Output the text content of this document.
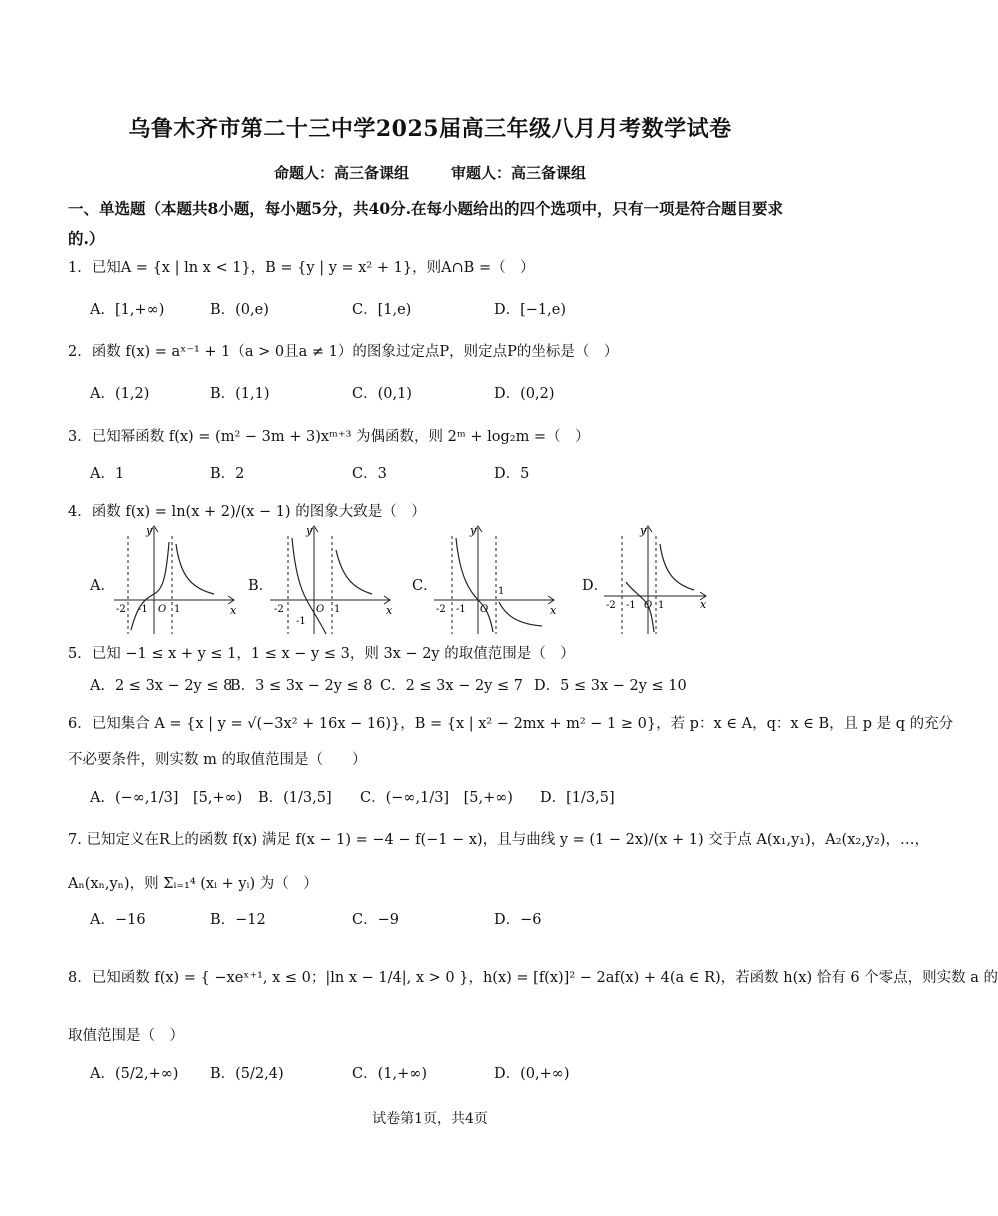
乌鲁木齐市第二十三中学2025届高三年级八月月考数学试卷
命题人：高三备课组	审题人：高三备课组
一、单选题（本题共8小题，每小题5分，共40分.在每小题给出的四个选项中，只有一项是符合题目要求的.）
1．已知A = {x | ln x < 1}，B = {y | y = x² + 1}，则A∩B =（　）
A．[1,+∞)	B．(0,e)	C．[1,e)	D．[−1,e)
2．函数 f(x) = aˣ⁻¹ + 1（a > 0且a ≠ 1）的图象过定点P，则定点P的坐标是（　）
A．(1,2)	B．(1,1)	C．(0,1)	D．(0,2)
3．已知幂函数 f(x) = (m² − 3m + 3)xᵐ⁺³ 为偶函数，则 2ᵐ + log₂m =（　）
A．1	B．2	C．3	D．5
4．函数 f(x) = ln(x + 2)/(x − 1) 的图象大致是（　）
A．
y
x
-2 -1 O 1
B．
y
x
-2
-1
O 1
C．
y
x
-2 -1 O
1	D．
y
x
-2 -1 O 1
5．已知 −1 ≤ x + y ≤ 1，1 ≤ x − y ≤ 3，则 3x − 2y 的取值范围是（　）
A．2 ≤ 3x − 2y ≤ 8
B．3 ≤ 3x − 2y ≤ 8 C．2 ≤ 3x − 2y ≤ 7 D．5 ≤ 3x − 2y ≤ 10
6．已知集合 A = {x | y = √(−3x² + 16x − 16)}，B = {x | x² − 2mx + m² − 1 ≥ 0}，若 p：x ∈ A，q：x ∈ B，且 p 是 q 的充分
不必要条件，则实数 m 的取值范围是（　　）
A．(−∞,1/3]　[5,+∞) B．(1/3,5] C．(−∞,1/3]　[5,+∞) D．[1/3,5]
7. 已知定义在R上的函数 f(x) 满足 f(x − 1) = −4 − f(−1 − x)，且与曲线 y = (1 − 2x)/(x + 1) 交于点 A(x₁,y₁)，A₂(x₂,y₂)，…，
Aₙ(xₙ,yₙ)，则 Σᵢ₌₁⁴ (xᵢ + yᵢ) 为（　）
A．−16	B．−12	C．−9	D．−6
8．已知函数 f(x) = { −xeˣ⁺¹, x ≤ 0；|ln x − 1/4|, x > 0 }，h(x) = [f(x)]² − 2af(x) + 4(a ∈ R)，若函数 h(x) 恰有 6 个零点，则实数 a 的
取值范围是（　）
A．(5/2,+∞) B．(5/2,4)	C．(1,+∞)	D．(0,+∞)
试卷第1页，共4页
